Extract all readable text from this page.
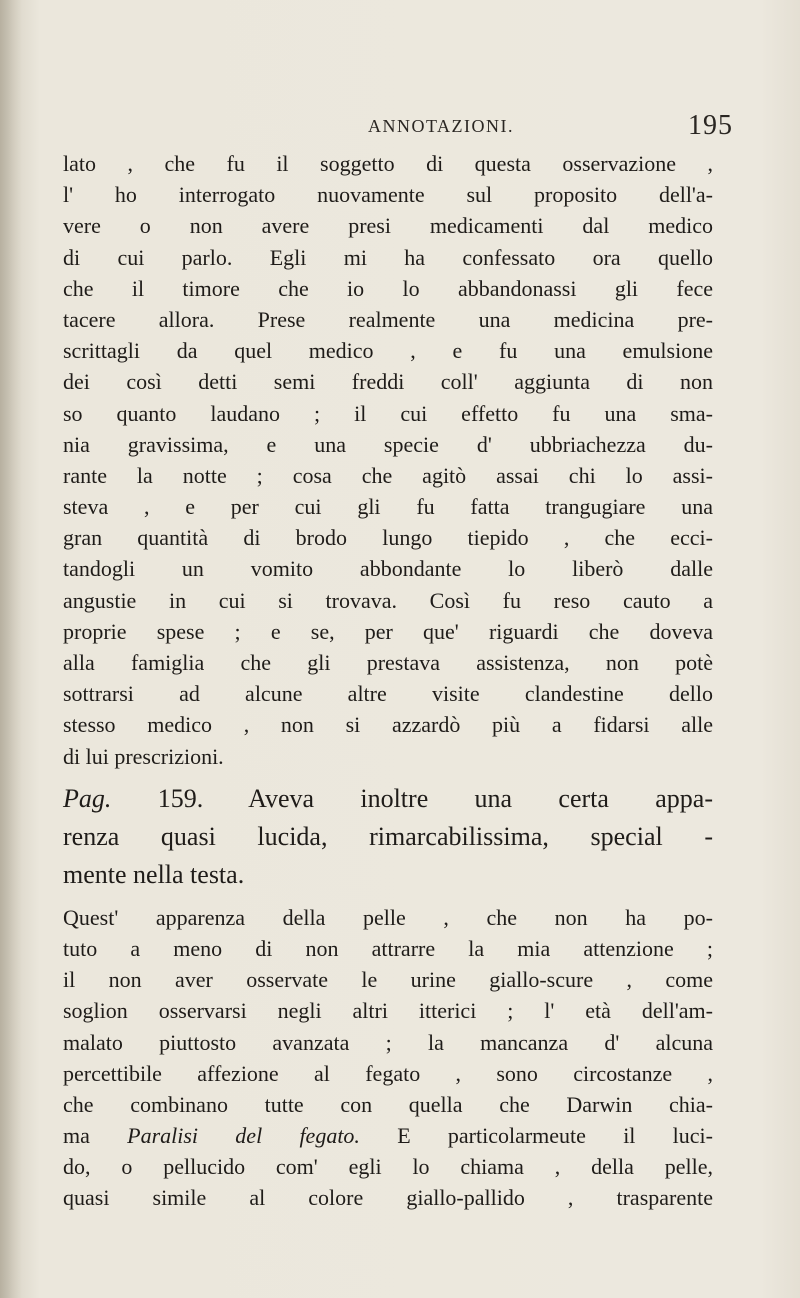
ANNOTAZIONI.	195
lato , che fu il soggetto di questa osservazione ,
l' ho interrogato nuovamente sul proposito dell'a-
vere o non avere presi medicamenti dal medico
di cui parlo. Egli mi ha confessato ora quello
che il timore che io lo abbandonassi gli fece
tacere allora. Prese realmente una medicina pre-
scrittagli da quel medico , e fu una emulsione
dei così detti semi freddi coll' aggiunta di non
so quanto laudano ; il cui effetto fu una sma-
nia gravissima, e una specie d' ubbriachezza du-
rante la notte ; cosa che agitò assai chi lo assi-
steva , e per cui gli fu fatta trangugiare una
gran quantità di brodo lungo tiepido , che ecci-
tandogli un vomito abbondante lo liberò dalle
angustie in cui si trovava. Così fu reso cauto a
proprie spese ; e se, per que' riguardi che doveva
alla famiglia che gli prestava assistenza, non potè
sottrarsi ad alcune altre visite clandestine dello
stesso medico , non si azzardò più a fidarsi alle
di lui prescrizioni.
Pag. 159. Aveva inoltre una certa appa-
renza quasi lucida, rimarcabilissima, special -
mente nella testa.
Quest' apparenza della pelle , che non ha po-
tuto a meno di non attrarre la mia attenzione ;
il non aver osservate le urine giallo-scure , come
soglion osservarsi negli altri itterici ; l' età dell'am-
malato piuttosto avanzata ; la mancanza d' alcuna
percettibile affezione al fegato , sono circostanze ,
che combinano tutte con quella che Darwin chia-
ma Paralisi del fegato. E particolarmeute il luci-
do, o pellucido com' egli lo chiama , della pelle,
quasi simile al colore giallo-pallido , trasparente
